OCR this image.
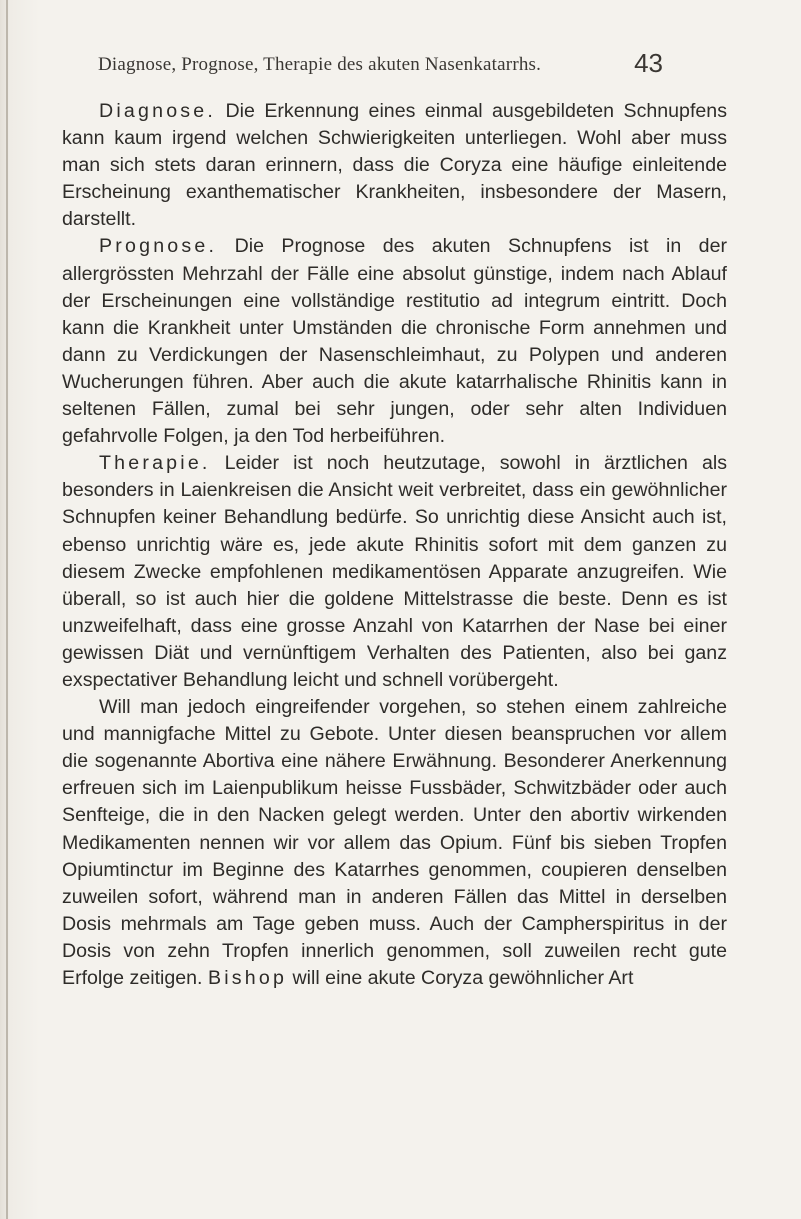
Diagnose, Prognose, Therapie des akuten Nasenkatarrhs.	43

Diagnose. Die Erkennung eines einmal ausgebildeten Schnupfens kann kaum irgend welchen Schwierigkeiten unterliegen. Wohl aber muss man sich stets daran erinnern, dass die Coryza eine häufige einleitende Erscheinung exanthematischer Krankheiten, insbesondere der Masern, darstellt.

Prognose. Die Prognose des akuten Schnupfens ist in der allergrössten Mehrzahl der Fälle eine absolut günstige, indem nach Ablauf der Erscheinungen eine vollständige restitutio ad integrum eintritt. Doch kann die Krankheit unter Umständen die chronische Form annehmen und dann zu Verdickungen der Nasenschleimhaut, zu Polypen und anderen Wucherungen führen. Aber auch die akute katarrhalische Rhinitis kann in seltenen Fällen, zumal bei sehr jungen, oder sehr alten Individuen gefahrvolle Folgen, ja den Tod herbeiführen.

Therapie. Leider ist noch heutzutage, sowohl in ärztlichen als besonders in Laienkreisen die Ansicht weit verbreitet, dass ein gewöhnlicher Schnupfen keiner Behandlung bedürfe. So unrichtig diese Ansicht auch ist, ebenso unrichtig wäre es, jede akute Rhinitis sofort mit dem ganzen zu diesem Zwecke empfohlenen medikamentösen Apparate anzugreifen. Wie überall, so ist auch hier die goldene Mittelstrasse die beste. Denn es ist unzweifelhaft, dass eine grosse Anzahl von Katarrhen der Nase bei einer gewissen Diät und vernünftigem Verhalten des Patienten, also bei ganz exspectativer Behandlung leicht und schnell vorübergeht.

Will man jedoch eingreifender vorgehen, so stehen einem zahlreiche und mannigfache Mittel zu Gebote. Unter diesen beanspruchen vor allem die sogenannte Abortiva eine nähere Erwähnung. Besonderer Anerkennung erfreuen sich im Laienpublikum heisse Fussbäder, Schwitzbäder oder auch Senfteige, die in den Nacken gelegt werden. Unter den abortiv wirkenden Medikamenten nennen wir vor allem das Opium. Fünf bis sieben Tropfen Opiumtinctur im Beginne des Katarrhes genommen, coupieren denselben zuweilen sofort, während man in anderen Fällen das Mittel in derselben Dosis mehrmals am Tage geben muss. Auch der Campherspiritus in der Dosis von zehn Tropfen innerlich genommen, soll zuweilen recht gute Erfolge zeitigen. Bishop will eine akute Coryza gewöhnlicher Art
